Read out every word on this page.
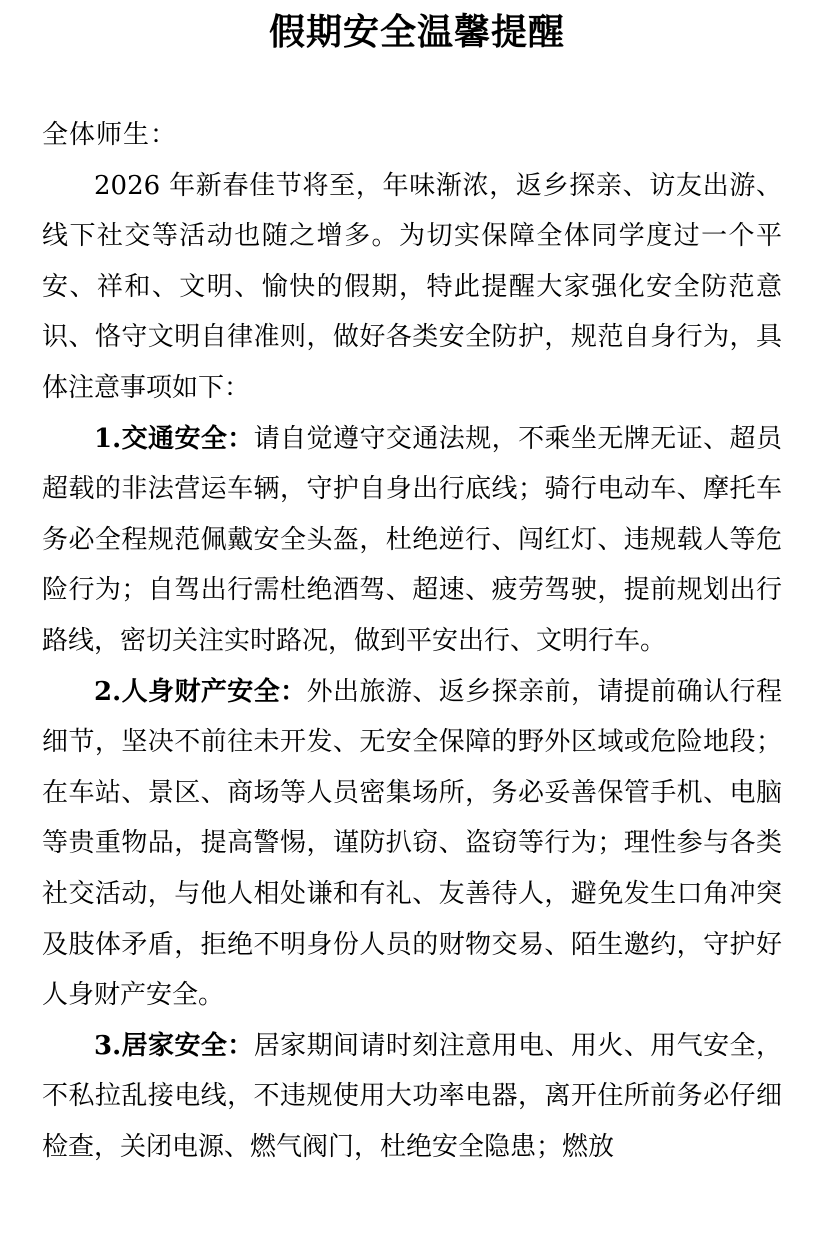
假期安全温馨提醒

全体师生：

2026 年新春佳节将至，年味渐浓，返乡探亲、访友出游、线下社交等活动也随之增多。为切实保障全体同学度过一个平安、祥和、文明、愉快的假期，特此提醒大家强化安全防范意识、恪守文明自律准则，做好各类安全防护，规范自身行为，具体注意事项如下：

1.交通安全：请自觉遵守交通法规，不乘坐无牌无证、超员超载的非法营运车辆，守护自身出行底线；骑行电动车、摩托车务必全程规范佩戴安全头盔，杜绝逆行、闯红灯、违规载人等危险行为；自驾出行需杜绝酒驾、超速、疲劳驾驶，提前规划出行路线，密切关注实时路况，做到平安出行、文明行车。

2.人身财产安全：外出旅游、返乡探亲前，请提前确认行程细节，坚决不前往未开发、无安全保障的野外区域或危险地段；在车站、景区、商场等人员密集场所，务必妥善保管手机、电脑等贵重物品，提高警惕，谨防扒窃、盗窃等行为；理性参与各类社交活动，与他人相处谦和有礼、友善待人，避免发生口角冲突及肢体矛盾，拒绝不明身份人员的财物交易、陌生邀约，守护好人身财产安全。

3.居家安全：居家期间请时刻注意用电、用火、用气安全，不私拉乱接电线，不违规使用大功率电器，离开住所前务必仔细检查，关闭电源、燃气阀门，杜绝安全隐患；燃放
